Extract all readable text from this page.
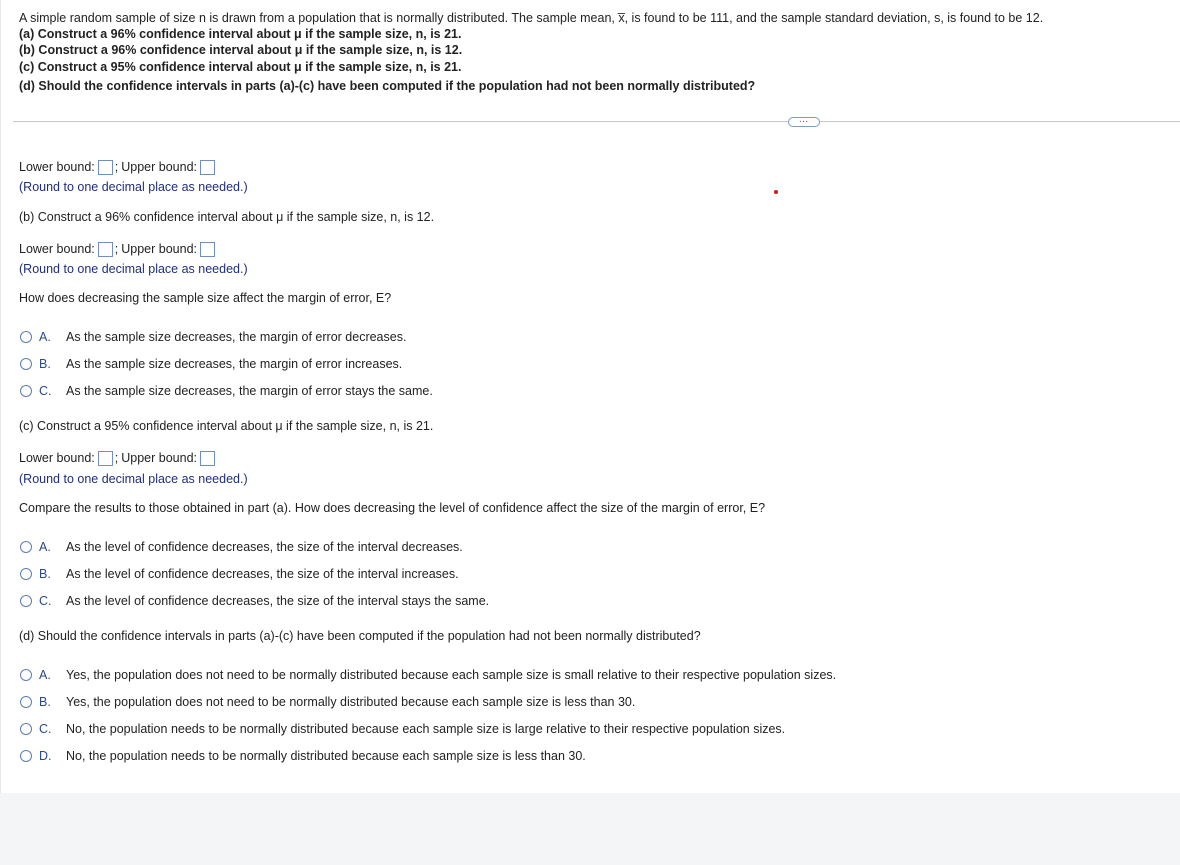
A simple random sample of size n is drawn from a population that is normally distributed. The sample mean, x̅, is found to be 111, and the sample standard deviation, s, is found to be 12.
(a) Construct a 96% confidence interval about μ if the sample size, n, is 21.
(b) Construct a 96% confidence interval about μ if the sample size, n, is 12.
(c) Construct a 95% confidence interval about μ if the sample size, n, is 21.
(d) Should the confidence intervals in parts (a)-(c) have been computed if the population had not been normally distributed?
…
Lower bound: ; Upper bound:
(Round to one decimal place as needed.)
(b) Construct a 96% confidence interval about μ if the sample size, n, is 12.
Lower bound: ; Upper bound:
(Round to one decimal place as needed.)
How does decreasing the sample size affect the margin of error, E?
A.	As the sample size decreases, the margin of error decreases.
B.	As the sample size decreases, the margin of error increases.
C.	As the sample size decreases, the margin of error stays the same.
(c) Construct a 95% confidence interval about μ if the sample size, n, is 21.
Lower bound: ; Upper bound:
(Round to one decimal place as needed.)
Compare the results to those obtained in part (a). How does decreasing the level of confidence affect the size of the margin of error, E?
A.	As the level of confidence decreases, the size of the interval decreases.
B.	As the level of confidence decreases, the size of the interval increases.
C.	As the level of confidence decreases, the size of the interval stays the same.
(d) Should the confidence intervals in parts (a)-(c) have been computed if the population had not been normally distributed?
A.	Yes, the population does not need to be normally distributed because each sample size is small relative to their respective population sizes.
B.	Yes, the population does not need to be normally distributed because each sample size is less than 30.
C.	No, the population needs to be normally distributed because each sample size is large relative to their respective population sizes.
D.	No, the population needs to be normally distributed because each sample size is less than 30.
